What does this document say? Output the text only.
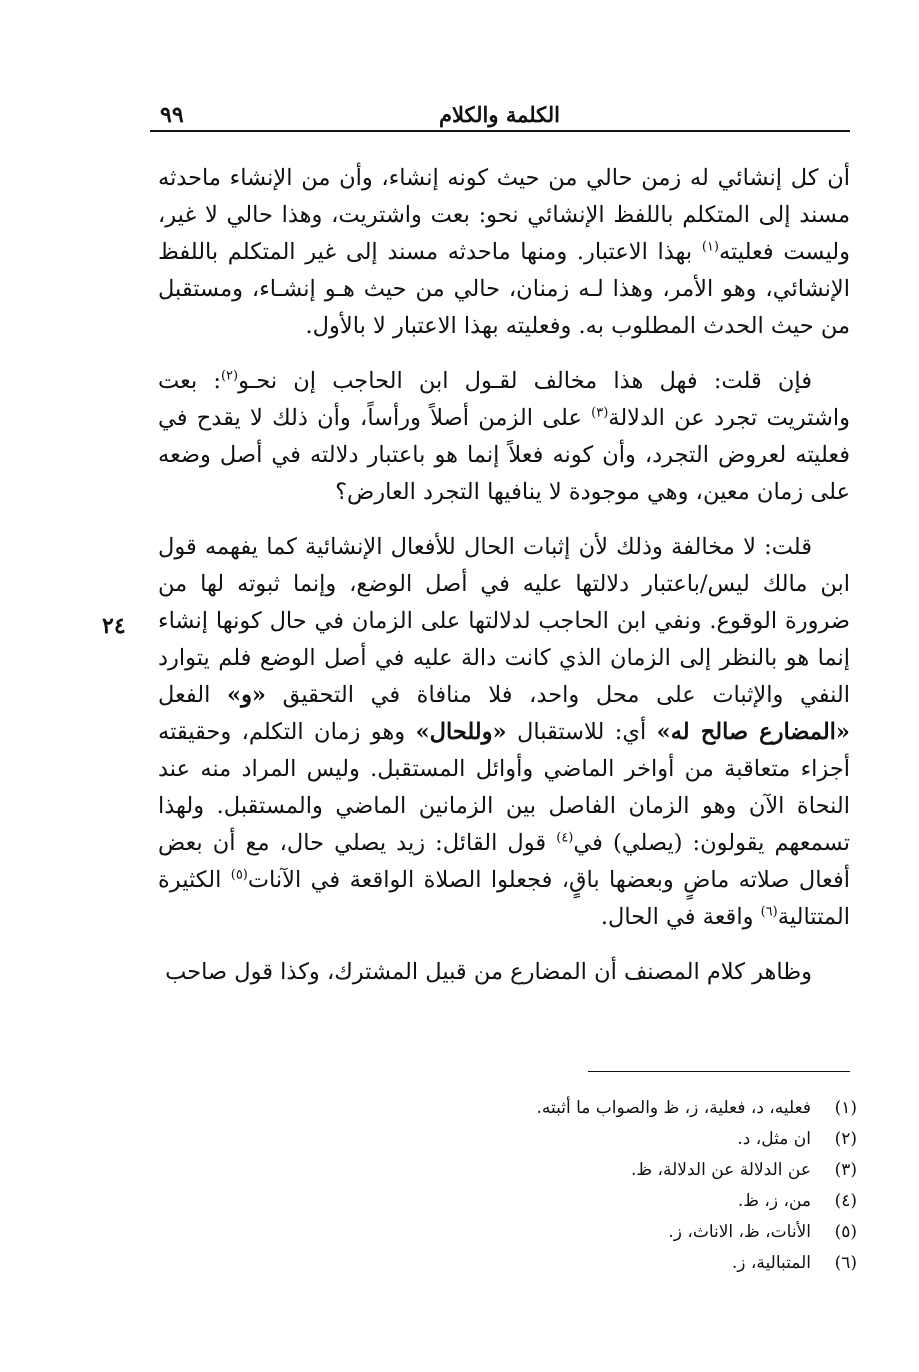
الكلمة والكلام
٩٩
٢٤

أن كل إنشائي له زمن حالي من حيث كونه إنشاء، وأن من الإنشاء ماحدثه مسند إلى المتكلم باللفظ الإنشائي نحو: بعت واشتريت، وهذا حالي لا غير، وليست فعليته$^{(١)}$ بهذا الاعتبار. ومنها ماحدثه مسند إلى غير المتكلم باللفظ الإنشائي، وهو الأمر، وهذا لـه زمنان، حالي من حيث هـو إنشـاء، ومستقبل من حيث الحدث المطلوب به. وفعليته بهذا الاعتبار لا بالأول.

فإن قلت: فهل هذا مخالف لقـول ابن الحاجب إن نحـو$^{(٢)}$: بعت واشتريت تجرد عن الدلالة$^{(٣)}$ على الزمن أصلاً ورأساً، وأن ذلك لا يقدح في فعليته لعروض التجرد، وأن كونه فعلاً إنما هو باعتبار دلالته في أصل وضعه على زمان معين، وهي موجودة لا ينافيها التجرد العارض؟

قلت: لا مخالفة وذلك لأن إثبات الحال للأفعال الإنشائية كما يفهمه قول ابن مالك ليس/باعتبار دلالتها عليه في أصل الوضع، وإنما ثبوته لها من ضرورة الوقوع. ونفي ابن الحاجب لدلالتها على الزمان في حال كونها إنشاء إنما هو بالنظر إلى الزمان الذي كانت دالة عليه في أصل الوضع فلم يتوارد النفي والإثبات على محل واحد، فلا منافاة في التحقيق «و» الفعل «المضارع صالح له» أي: للاستقبال «وللحال» وهو زمان التكلم، وحقيقته أجزاء متعاقبة من أواخر الماضي وأوائل المستقبل. وليس المراد منه عند النحاة الآن وهو الزمان الفاصل بين الزمانين الماضي والمستقبل. ولهذا تسمعهم يقولون: (يصلي) في$^{(٤)}$ قول القائل: زيد يصلي حال، مع أن بعض أفعال صلاته ماضٍ وبعضها باقٍ، فجعلوا الصلاة الواقعة في الآنات$^{(٥)}$ الكثيرة المتتالية$^{(٦)}$ واقعة في الحال.

وظاهر كلام المصنف أن المضارع من قبيل المشترك، وكذا قول صاحب

(١)
فعليه، د، فعلية، ز، ظ والصواب ما أثبته.
(٢)
ان مثل، د.
(٣)
عن الدلالة عن الدلالة، ظ.
(٤)
من، ز، ظ.
(٥)
الأنات، ظ، الاناث، ز.
(٦)
المتبالية، ز.
